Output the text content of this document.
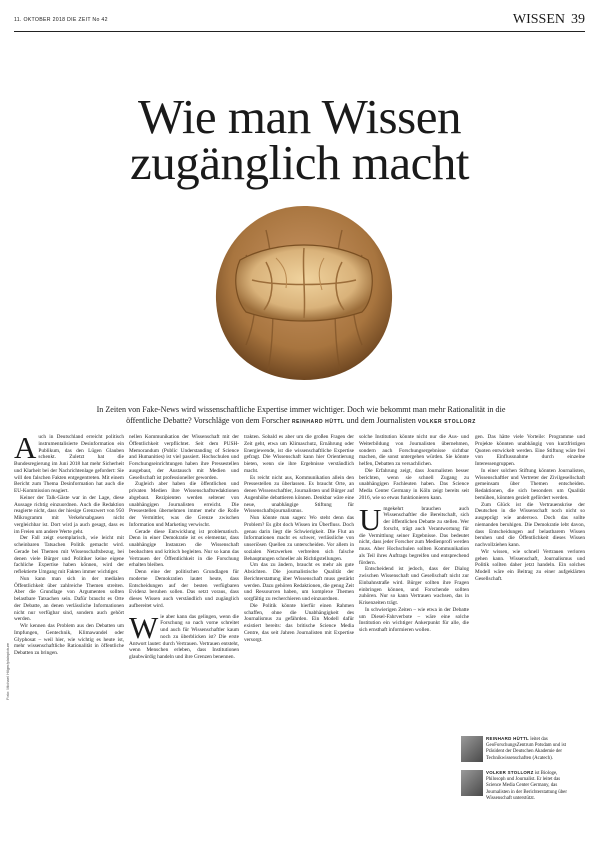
11. OKTOBER 2018 DIE ZEIT No 42	WISSEN 39
Wie man Wissen
zugänglich macht

In Zeiten von Fake-News wird wissenschaftliche Expertise immer wichtiger. Doch wie bekommt man mehr Rationalität in die öffentliche Debatte? Vorschläge von dem Forscher REINHARD HÜTTL und dem Journalisten VOLKER STOLLORZ

Auch in Deutschland erreicht politisch instrumentalisierte Desinformation ein Publikum, das den Lügen Glauben schenkt. Zuletzt hat die Bundesregierung im Juni 2018 hat mehr Sicherheit und Klarheit bei der Nachrichtenlage gefordert: Sie will den falschen Fakten entgegentreten. Mit einem Bericht zum Thema Desinformation hat auch die EU-Kommission reagiert.

Keiner der Talk-Gäste war in der Lage, diese Aussage richtig einzuordnen. Auch die Redaktion reagierte nicht, dass der hiesige Grenzwert von 950 Mikrogramm mit Verkehrsabgasen nicht vergleichbar ist. Dort wird ja auch gesagt, dass es im Freien um andere Werte geht.

Der Fall zeigt exemplarisch, wie leicht mit scheinbaren Tatsachen Politik gemacht wird. Gerade bei Themen mit Wissenschaftsbezug, bei denen viele Bürger und Politiker keine eigene fachliche Expertise haben können, wird der reflektierte Umgang mit Fakten immer wichtiger.

Nun kann man sich in der medialen Öffentlichkeit über zahlreiche Themen streiten. Aber die Grundlage von Argumenten sollten belastbare Tatsachen sein. Dafür braucht es Orte der Debatte, an denen verlässliche Informationen nicht nur verfügbar sind, sondern auch gehört werden.

Wir kennen das Problem aus den Debatten um Impfungen, Gentechnik, Klimawandel oder Glyphosat – weil hier, wie wichtig es heute ist, mehr wissenschaftliche Rationalität in öffentliche Debatten zu bringen.

nellen Kommunikation der Wissenschaft mit der Öffentlichkeit verpflichtet. Seit dem PUSH-Memorandum (Public Understanding of Science and Humanities) ist viel passiert. Hochschulen und Forschungseinrichtungen haben ihre Pressestellen ausgebaut, der Austausch mit Medien und Gesellschaft ist professioneller geworden.

Zugleich aber haben die öffentlichen und privaten Medien ihre Wissenschaftsredaktionen abgebaut. Rezipienten werden seltener von unabhängigen Journalisten erreicht. Die Pressestellen übernehmen immer mehr die Rolle der Vermittler, was die Grenze zwischen Information und Marketing verwischt.

Gerade diese Entwicklung ist problematisch. Denn in einer Demokratie ist es elementar, dass unabhängige Instanzen die Wissenschaft beobachten und kritisch begleiten. Nur so kann das Vertrauen der Öffentlichkeit in die Forschung erhalten bleiben.

Denn eine der politischen Grundlagen für moderne Demokratien lautet heute, dass Entscheidungen auf der besten verfügbaren Evidenz beruhen sollen. Das setzt voraus, dass dieses Wissen auch verständlich und zugänglich aufbereitet wird.

Wie aber kann das gelingen, wenn die Forschung so nach vorne schreitet und auch für Wissenschaftler kaum noch zu überblicken ist? Die erste Antwort lautet: durch Vertrauen. Vertrauen entsteht, wenn Menschen erleben, dass Institutionen glaubwürdig handeln und ihre Grenzen benennen.

trakten. Sobald es aber um die großen Fragen der Zeit geht, etwa um Klimaschutz, Ernährung oder Energiewende, ist die wissenschaftliche Expertise gefragt. Die Wissenschaft kann hier Orientierung bieten, wenn sie ihre Ergebnisse verständlich macht.

Es reicht nicht aus, Kommunikation allein den Pressestellen zu überlassen. Es braucht Orte, an denen Wissenschaftler, Journalisten und Bürger auf Augenhöhe debattieren können. Denkbar wäre eine neue, unabhängige Stiftung für Wissenschaftsjournalismus.

Nun könnte man sagen: Wo steht denn das Problem? Es gibt doch Wissen im Überfluss. Doch genau darin liegt die Schwierigkeit. Die Flut an Informationen macht es schwer, verlässliche von unseriösen Quellen zu unterscheiden. Vor allem in sozialen Netzwerken verbreiten sich falsche Behauptungen schneller als Richtigstellungen.

Um das zu ändern, braucht es mehr als gute Absichten. Die journalistische Qualität der Berichterstattung über Wissenschaft muss gestärkt werden. Dazu gehören Redaktionen, die genug Zeit und Ressourcen haben, um komplexe Themen sorgfältig zu recherchieren und einzuordnen.

Die Politik könnte hierfür einen Rahmen schaffen, ohne die Unabhängigkeit des Journalismus zu gefährden. Ein Modell dafür existiert bereits: das britische Science Media Centre, das seit Jahren Journalisten mit Expertise versorgt.

solche Institution könnte nicht nur die Aus- und Weiterbildung von Journalisten übernehmen, sondern auch Forschungsergebnisse sichtbar machen, die sonst untergehen würden. Sie könnte helfen, Debatten zu versachlichen.

Die Erfahrung zeigt, dass Journalisten besser berichten, wenn sie schnell Zugang zu unabhängigen Fachleuten haben. Das Science Media Center Germany in Köln zeigt bereits seit 2016, wie so etwas funktionieren kann.

Umgekehrt brauchen auch Wissenschaftler die Bereitschaft, sich der öffentlichen Debatte zu stellen. Wer forscht, trägt auch Verantwortung für die Vermittlung seiner Ergebnisse. Das bedeutet nicht, dass jeder Forscher zum Medienprofi werden muss. Aber Hochschulen sollten Kommunikation als Teil ihres Auftrags begreifen und entsprechend fördern.

Entscheidend ist jedoch, dass der Dialog zwischen Wissenschaft und Gesellschaft nicht zur Einbahnstraße wird. Bürger sollten ihre Fragen einbringen können, und Forschende sollten zuhören. Nur so kann Vertrauen wachsen, das in Krisenzeiten trägt.

In schwierigen Zeiten – wie etwa in der Debatte um Diesel-Fahrverbote – wäre eine solche Institution ein wichtiger Ankerpunkt für alle, die sich ernsthaft informieren wollen.

gen. Das hätte viele Vorteile: Programme und Projekte könnten unabhängig von kurzfristigen Quoten entwickelt werden. Eine Stiftung wäre frei von Einflussnahme durch einzelne Interessengruppen.

In einer solchen Stiftung könnten Journalisten, Wissenschaftler und Vertreter der Zivilgesellschaft gemeinsam über Themen entscheiden. Redaktionen, die sich besonders um Qualität bemühen, könnten gezielt gefördert werden.

Zum Glück ist die Vertrauenskrise der Deutschen in die Wissenschaft noch nicht so ausgeprägt wie anderswo. Doch das sollte niemanden beruhigen. Die Demokratie lebt davon, dass Entscheidungen auf belastbarem Wissen beruhen und die Öffentlichkeit dieses Wissen nachvollziehen kann.

Wir wissen, wie schnell Vertrauen verloren gehen kann. Wissenschaft, Journalismus und Politik sollten daher jetzt handeln. Ein solches Modell wäre ein Beitrag zu einer aufgeklärten Gesellschaft.

Foto: Michael Hilger/plainpicture
REINHARD HÜTTL leitet das GeoForschungsZentrum Potsdam und ist Präsident der Deutschen Akademie der Technikwissenschaften (Acatech).
VOLKER STOLLORZ ist Biologe, Philosoph und Journalist. Er leitet das Science Media Center Germany, das Journalisten in der Berichterstattung über Wissenschaft unterstützt.
